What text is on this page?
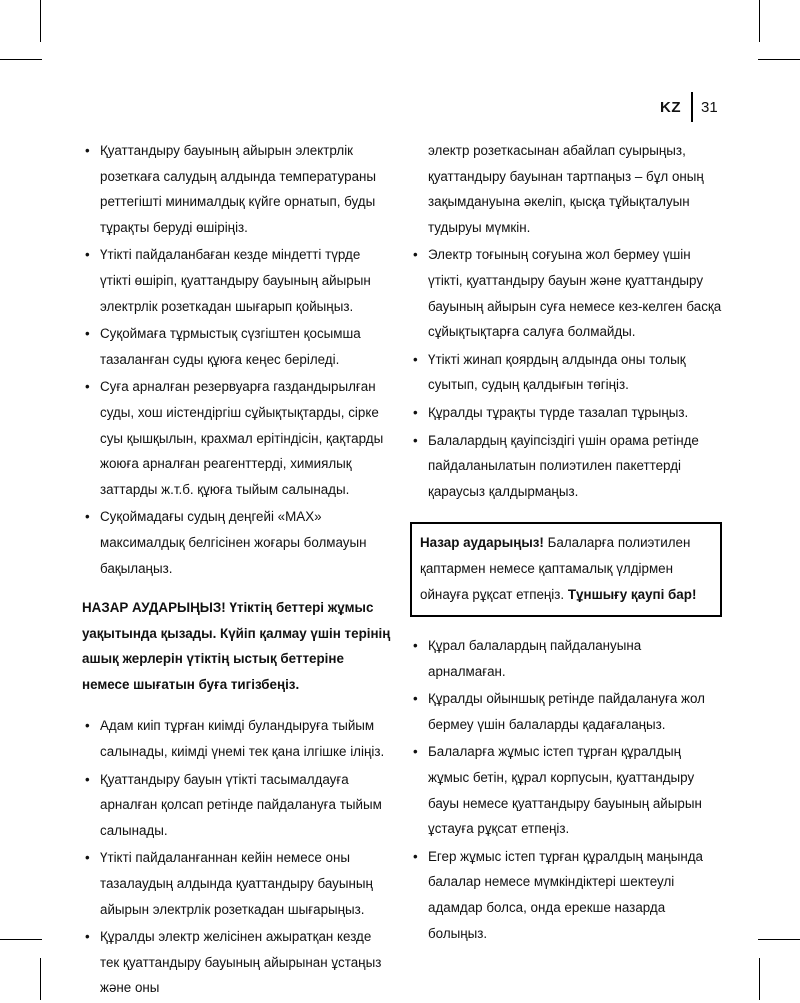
KZ 31
• Қуаттандыру бауының айырын электрлік розеткаға салудың алдында температураны реттегішті минималдық күйге орнатып, буды тұрақты беруді өшіріңіз.
• Үтікті пайдаланбаған кезде міндетті түрде үтікті өшіріп, қуаттандыру бауының айырын электрлік розеткадан шығарып қойыңыз.
• Суқоймаға тұрмыстық сүзгіштен қосымша тазаланған суды құюға кеңес беріледі.
• Суға арналған резервуарға газдандырылған суды, хош иістендіргіш сұйықтықтарды, сірке суы қышқылын, крахмал ерітіндісін, қақтарды жоюға арналған реагенттерді, химиялық заттарды ж.т.б. құюға тыйым салынады.
• Суқоймадағы судың деңгейі «MAX» максималдық белгісінен жоғары болмауын бақылаңыз.

НАЗАР АУДАРЫҢЫЗ! Үтіктің беттері жұмыс уақытында қызады. Күйіп қалмау үшін терінің ашық жерлерін үтіктің ыстық беттеріне немесе шығатын буға тигізбеңіз.

• Адам киіп тұрған киімді буландыруға тыйым салынады, киімді үнемі тек қана ілгішке іліңіз.
• Қуаттандыру бауын үтікті тасымалдауға арналған қолсап ретінде пайдалануға тыйым салынады.
• Үтікті пайдаланғаннан кейін немесе оны тазалаудың алдында қуаттандыру бауының айырын электрлік розеткадан шығарыңыз.
• Құралды электр желісінен ажыратқан кезде тек қуаттандыру бауының айырынан ұстаңыз және оны

электр розеткасынан абайлап суырыңыз, қуаттандыру бауынан тартпаңыз – бұл оның зақымдануына әкеліп, қысқа тұйықталуын тудыруы мүмкін.

• Электр тоғының соғуына жол бермеу үшін үтікті, қуаттандыру бауын және қуаттандыру бауының айырын суға немесе кез-келген басқа сұйықтықтарға салуға болмайды.
• Үтікті жинап қоярдың алдында оны толық суытып, судың қалдығын төгіңіз.
• Құралды тұрақты түрде тазалап тұрыңыз.
• Балалардың қауіпсіздігі үшін орама ретінде пайдаланылатын полиэтилен пакеттерді қараусыз қалдырмаңыз.
Назар аударыңыз! Балаларға полиэтилен қаптармен немесе қаптамалық үлдірмен ойнауға рұқсат етпеңіз. Тұншығу қаупі бар!
• Құрал балалардың пайдалануына арналмаған.
• Құралды ойыншық ретінде пайдалануға жол бермеу үшін балаларды қадағалаңыз.
• Балаларға жұмыс істеп тұрған құралдың жұмыс бетін, құрал корпусын, қуаттандыру бауы немесе қуаттандыру бауының айырын ұстауға рұқсат етпеңіз.
• Егер жұмыс істеп тұрған құралдың маңында балалар немесе мүмкіндіктері шектеулі адамдар болса, онда ерекше назарда болыңыз.
